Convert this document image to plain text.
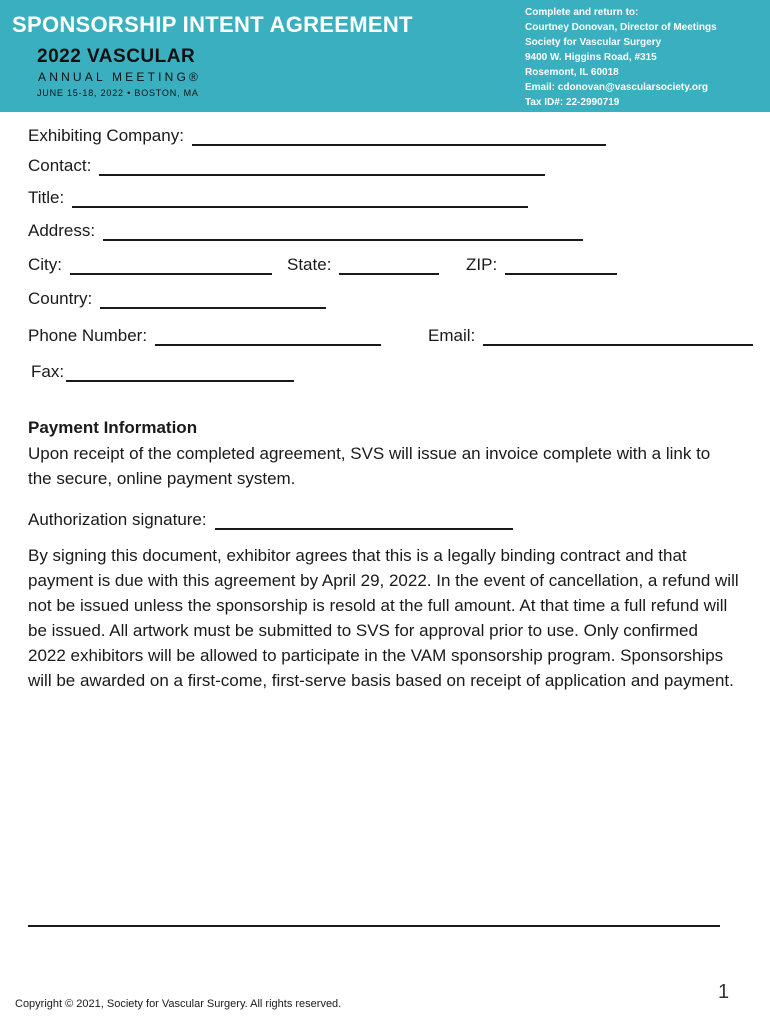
SPONSORSHIP INTENT AGREEMENT
2022 VASCULAR
ANNUAL MEETING®
JUNE 15-18, 2022 • BOSTON, MA
Complete and return to:
Courtney Donovan, Director of Meetings
Society for Vascular Surgery
9400 W. Higgins Road, #315
Rosemont, IL 60018
Email: cdonovan@vascularsociety.org
Tax ID#: 22-2990719
Exhibiting Company:
Contact:
Title:
Address:
City:	State:	ZIP:
Country:
Phone Number:	Email:
Fax:
Payment Information

Upon receipt of the completed agreement, SVS will issue an invoice complete with a link to the secure, online payment system.

Authorization signature:

By signing this document, exhibitor agrees that this is a legally binding contract and that payment is due with this agreement by April 29, 2022. In the event of cancellation, a refund will not be issued unless the sponsorship is resold at the full amount. At that time a full refund will be issued. All artwork must be submitted to SVS for approval prior to use. Only confirmed 2022 exhibitors will be allowed to participate in the VAM sponsorship program. Sponsorships will be awarded on a first-come, first-serve basis based on receipt of application and payment.

1
Copyright © 2021, Society for Vascular Surgery. All rights reserved.
